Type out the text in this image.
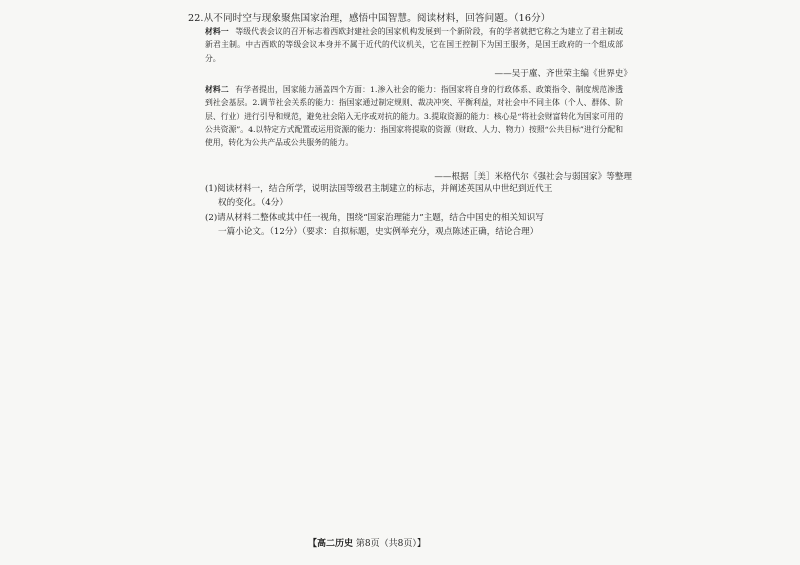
22.从不同时空与现象聚焦国家治理，感悟中国智慧。阅读材料，回答问题。（16分）
材料一 等级代表会议的召开标志着西欧封建社会的国家机构发展到一个新阶段，有的学者就把它称之为建立了君主制或新君主制。中古西欧的等级会议本身并不属于近代的代议机关，它在国王控制下为国王服务，是国王政府的一个组成部分。
——吴于廑、齐世荣主编《世界史》
材料二 有学者提出，国家能力涵盖四个方面：1.渗入社会的能力：指国家将自身的行政体系、政策指令、制度规范渗透到社会基层。2.调节社会关系的能力：指国家通过制定规则、裁决冲突、平衡利益，对社会中不同主体（个人、群体、阶层、行业）进行引导和规范，避免社会陷入无序或对抗的能力。3.提取资源的能力：核心是“将社会财富转化为国家可用的公共资源”。4.以特定方式配置或运用资源的能力：指国家将提取的资源（财政、人力、物力）按照“公共目标”进行分配和使用，转化为公共产品或公共服务的能力。
——根据［美］米格代尔《强社会与弱国家》等整理
(1)阅读材料一，结合所学，说明法国等级君主制建立的标志，并阐述英国从中世纪到近代王
权的变化。（4分）
(2)请从材料二整体或其中任一视角，围绕“国家治理能力”主题，结合中国史的相关知识写
一篇小论文。（12分）（要求：自拟标题，史实例举充分，观点陈述正确，结论合理）
【高二历史 第8页（共8页）】
